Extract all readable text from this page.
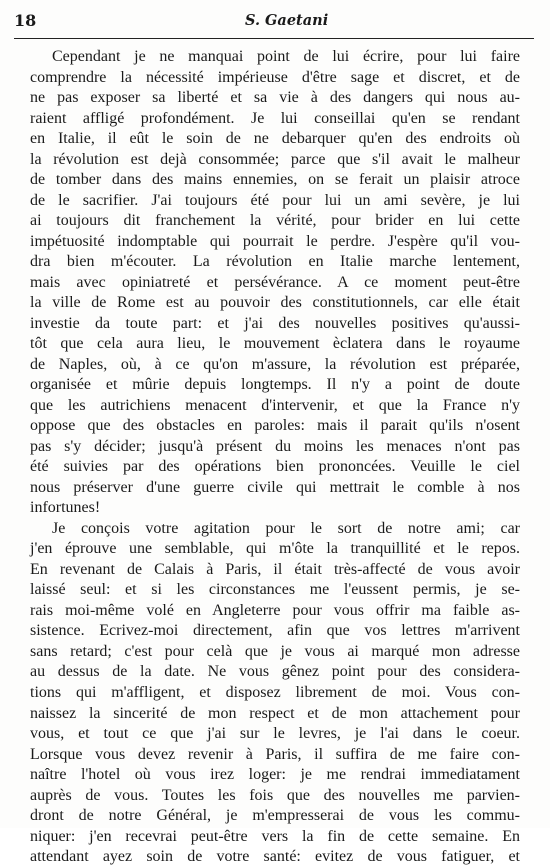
18	S. Gaetani
Cependant je ne manquai point de lui écrire, pour lui faire
comprendre la nécessité impérieuse d'être sage et discret, et de
ne pas exposer sa liberté et sa vie à des dangers qui nous au-
raient affligé profondément. Je lui conseillai qu'en se rendant
en Italie, il eût le soin de ne debarquer qu'en des endroits où
la révolution est dejà consommée; parce que s'il avait le malheur
de tomber dans des mains ennemies, on se ferait un plaisir atroce
de le sacrifier. J'ai toujours été pour lui un ami sevère, je lui
ai toujours dit franchement la vérité, pour brider en lui cette
impétuosité indomptable qui pourrait le perdre. J'espère qu'il vou-
dra bien m'écouter. La révolution en Italie marche lentement,
mais avec opiniatreté et persévérance. A ce moment peut-être
la ville de Rome est au pouvoir des constitutionnels, car elle était
investie da toute part: et j'ai des nouvelles positives qu'aussi-
tôt que cela aura lieu, le mouvement èclatera dans le royaume
de Naples, où, à ce qu'on m'assure, la révolution est préparée,
organisée et mûrie depuis longtemps. Il n'y a point de doute
que les autrichiens menacent d'intervenir, et que la France n'y
oppose que des obstacles en paroles: mais il parait qu'ils n'osent
pas s'y décider; jusqu'à présent du moins les menaces n'ont pas
été suivies par des opérations bien prononcées. Veuille le ciel
nous préserver d'une guerre civile qui mettrait le comble à nos
infortunes!
Je conçois votre agitation pour le sort de notre ami; car
j'en éprouve une semblable, qui m'ôte la tranquillité et le repos.
En revenant de Calais à Paris, il était très-affecté de vous avoir
laissé seul: et si les circonstances me l'eussent permis, je se-
rais moi-même volé en Angleterre pour vous offrir ma faible as-
sistence. Ecrivez-moi directement, afin que vos lettres m'arrivent
sans retard; c'est pour celà que je vous ai marqué mon adresse
au dessus de la date. Ne vous gênez point pour des considera-
tions qui m'affligent, et disposez librement de moi. Vous con-
naissez la sincerité de mon respect et de mon attachement pour
vous, et tout ce que j'ai sur le levres, je l'ai dans le coeur.
Lorsque vous devez revenir à Paris, il suffira de me faire con-
naître l'hotel où vous irez loger: je me rendrai immediatament
auprès de vous. Toutes les fois que des nouvelles me parvien-
dront de notre Général, je m'empresserai de vous les commu-
niquer: j'en recevrai peut-être vers la fin de cette semaine. En
attendant ayez soin de votre santé: evitez de vous fatiguer, et
